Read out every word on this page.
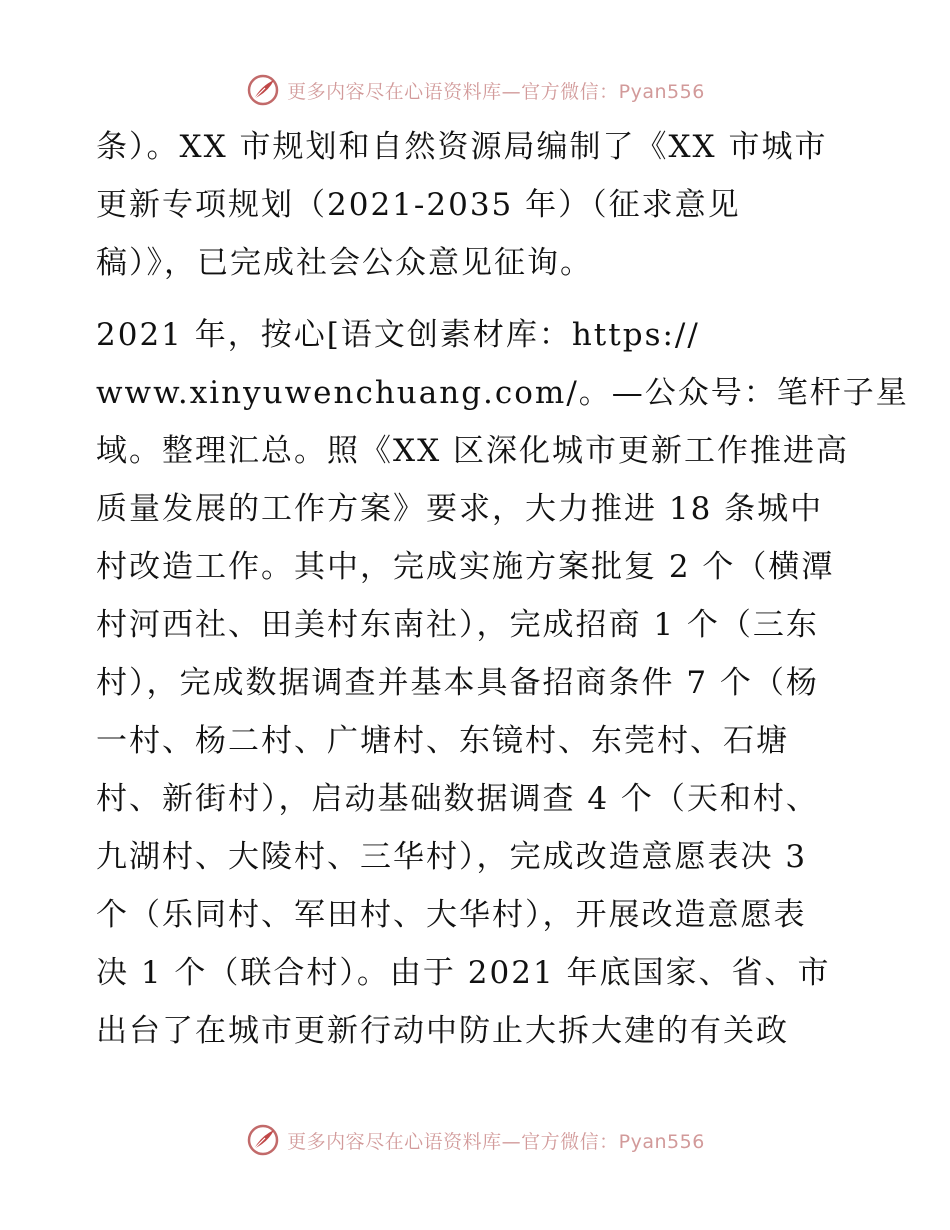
更多内容尽在心语资料库—官方微信：Pyan556
条）。XX 市规划和自然资源局编制了《XX 市城市
更新专项规划（2021-2035 年）（征求意见
稿）》，已完成社会公众意见征询。
2021 年，按心[语文创素材库：https://
www.xinyuwenchuang.com/。—公众号：笔杆子星
域。整理汇总。照《XX 区深化城市更新工作推进高
质量发展的工作方案》要求，大力推进 18 条城中
村改造工作。其中，完成实施方案批复 2 个（横潭
村河西社、田美村东南社），完成招商 1 个（三东
村），完成数据调查并基本具备招商条件 7 个（杨
一村、杨二村、广塘村、东镜村、东莞村、石塘
村、新街村），启动基础数据调查 4 个（天和村、
九湖村、大陵村、三华村），完成改造意愿表决 3
个（乐同村、军田村、大华村），开展改造意愿表
决 1 个（联合村）。由于 2021 年底国家、省、市
出台了在城市更新行动中防止大拆大建的有关政
更多内容尽在心语资料库—官方微信：Pyan556
